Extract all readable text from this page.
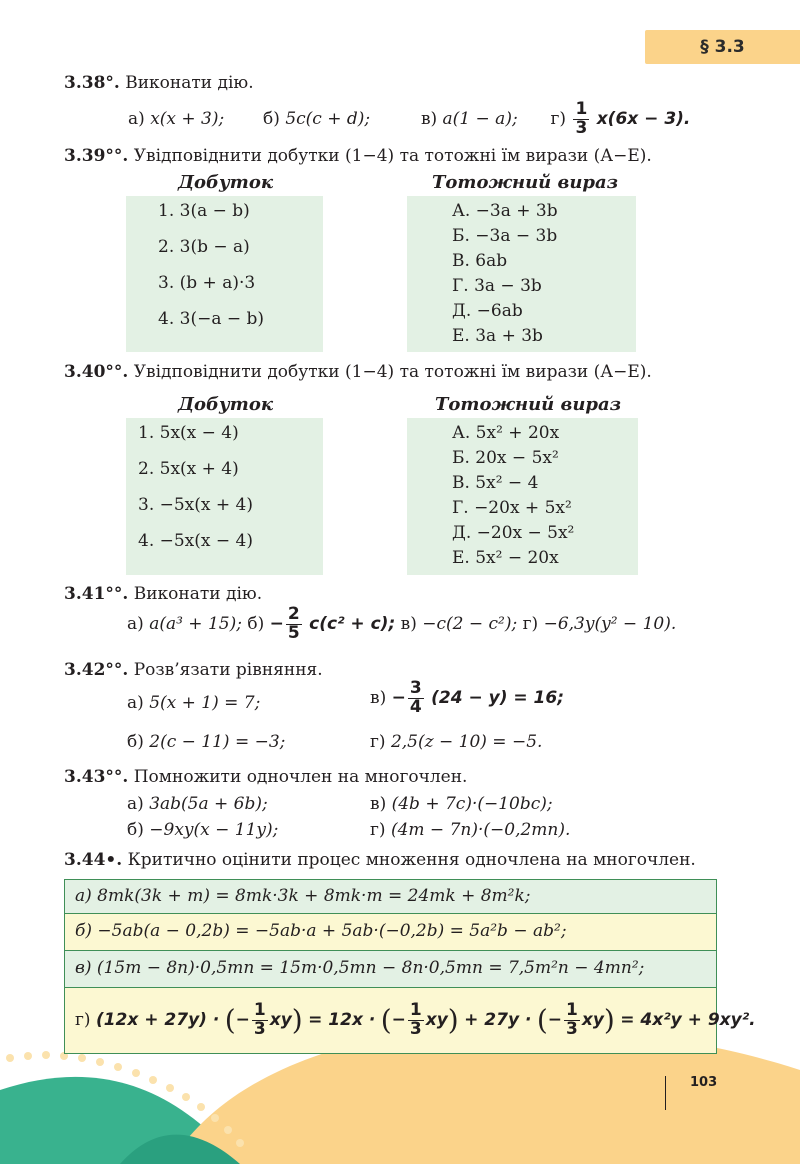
§ 3.3
3.38°. Виконати дію.
а) x(x + 3); б) 5c(c + d);	в) a(1 − a); $г) \frac{1}{3} x(6x - 3)$.
3.39°°. Увідповіднити добутки (1−4) та тотожні їм вирази (А−Е).
Добуток	Тотожний вираз
1. 3(a − b)
2. 3(b − a)
3. (b + a)·3
4. 3(−a − b)
А. −3a + 3b
Б. −3a − 3b
В. 6ab
Г. 3a − 3b
Д. −6ab
Е. 3a + 3b
3.40°°. Увідповіднити добутки (1−4) та тотожні їм вирази (А−Е).
Добуток	Тотожний вираз
1. 5x(x − 4)
2. 5x(x + 4)
3. −5x(x + 4)
4. −5x(x − 4)
А. 5x² + 20x
Б. 20x − 5x²
В. 5x² − 4
Г. −20x + 5x²
Д. −20x − 5x²
Е. 5x² − 20x
3.41°°. Виконати дію.
а) a(a³ + 15); $б) - \frac{2}{5} c(c^2 + c)$; в) −c(2 − c²); г) −6,3y(y² − 10).
3.42°°. Розв’язати рівняння.
а) 5(x + 1) = 7;	$в) - \frac{3}{4} (24 - y) = 16$;
б) 2(c − 11) = −3;	г) 2,5(z − 10) = −5.
3.43°°. Помножити одночлен на многочлен.
а) 3ab(5a + 6b);	в) (4b + 7c)·(−10bc);
б) −9xy(x − 11y);	г) (4m − 7n)·(−0,2mn).
3.44•. Критично оцінити процес множення одночлена на многочлен.
а) 8mk(3k + m) = 8mk·3k + 8mk·m = 24mk + 8m²k;
б) −5ab(a − 0,2b) = −5ab·a + 5ab·(−0,2b) = 5a²b − ab²;
в) (15m − 8n)·0,5mn = 15m·0,5mn − 8n·0,5mn = 7,5m²n − 4mn²;
г) (12x + 27y) · (− $\frac{1}{3} xy) = 12x$ · (− $\frac{1}{3} xy) + 27y$ · (− $\frac{1}{3} xy) = 4x^2y + 9xy^2$.
103
